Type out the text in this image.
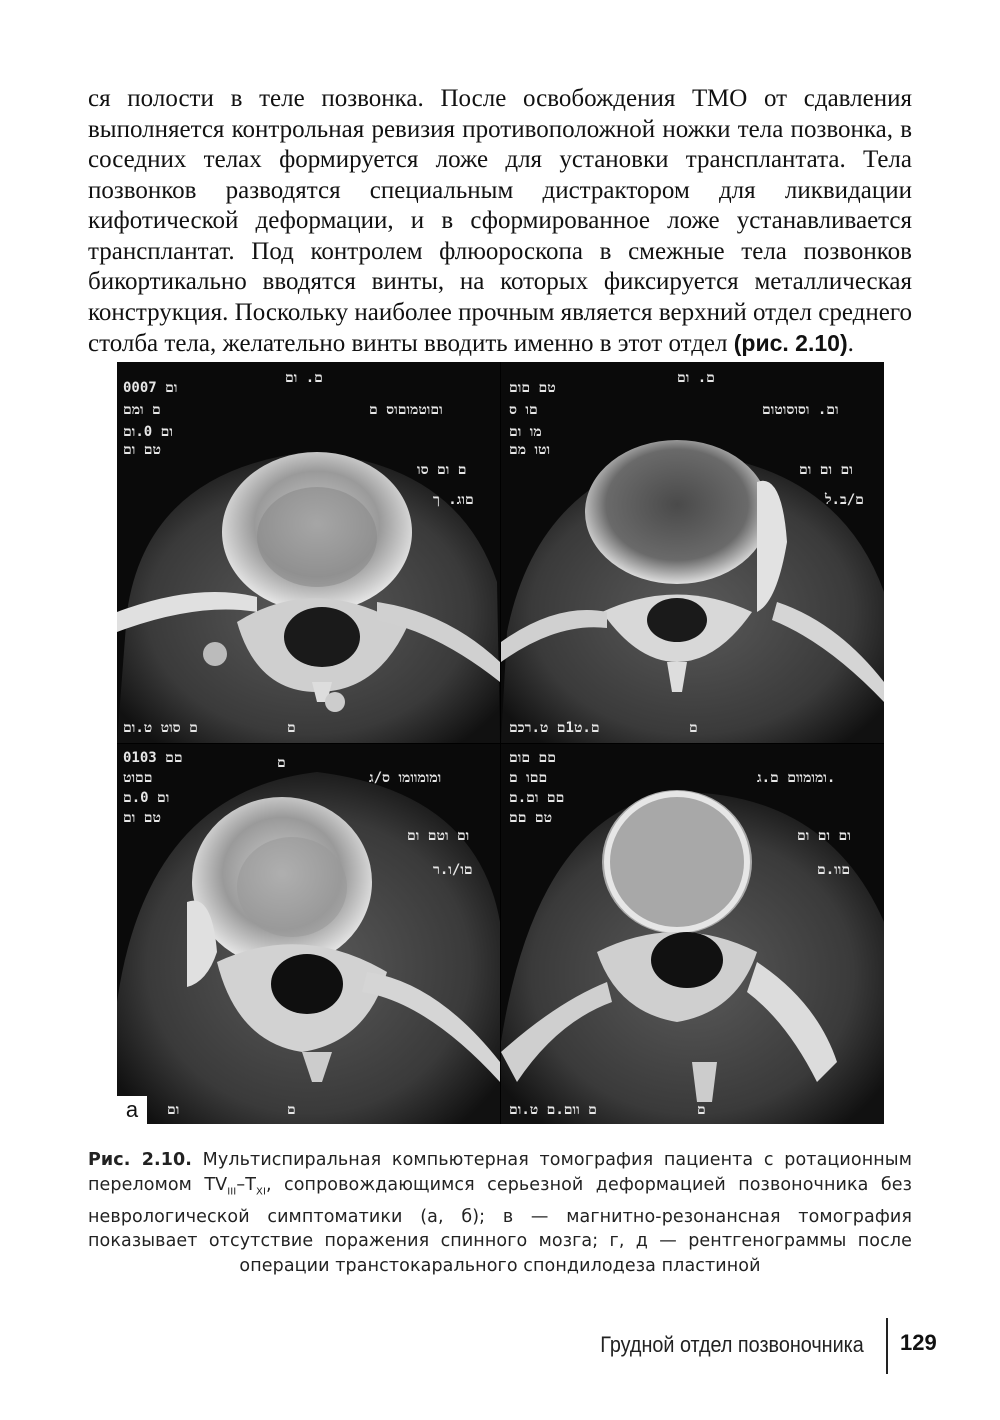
ся полости в теле позвонка. После освобождения ТМО от сдавления выполняется контрольная ревизия противоположной ножки тела позвонка, в соседних телах формируется ложе для установки трансплантата. Тела позвонков разводятся специальным дистрактором для ликвидации кифотической деформации, и в сформированное ложе устанавливается трансплантат. Под контролем флюороскопа в смежные тела позвонков бикортикально вводятся винты, на которых фиксируется металлическая конструкция. Поскольку наиболее прочным является верхний отдел среднего столба тела, желательно винты вводить именно в этот отдел (рис. 2.10).
ום 0007
ם ומם
ום 0.ום
טם ום
וםוטמוםוס ם
ם ום סו
םוג. ך
ם. ום
ם סוט ט.ום	ם
טם םום
םו ס
מו ום
וטו מם
ום. וסוסוטום
ום ום ום
ם/ב.ל
ם. ום
ם.ט1ם ט.רכם	ם
םם 0103
םםוט
ום 0.ם
טם ום
ומומוומו ס/ג
ום וטם ום
םו/ו.ר
ם
ום	ם
םם םום
םםו ם
םם ום.ם
טם םם
ומומוום ם.ג.
ום ום ום
םוו.ם
ם וום.ם ט.ום	ם
а
Рис. 2.10. Мультиспиральная компьютерная томография пациента с ротационным переломом $TV_{III}-T_{XI}$, сопровождающимся серьезной деформацией позвоночника без неврологической симптоматики (а, б); в — магнитно-резонансная томография показывает отсутствие поражения спинного мозга; г, д — рентгенограммы после операции транстокарального спондилодеза пластиной
Грудной отдел позвоночника 129
